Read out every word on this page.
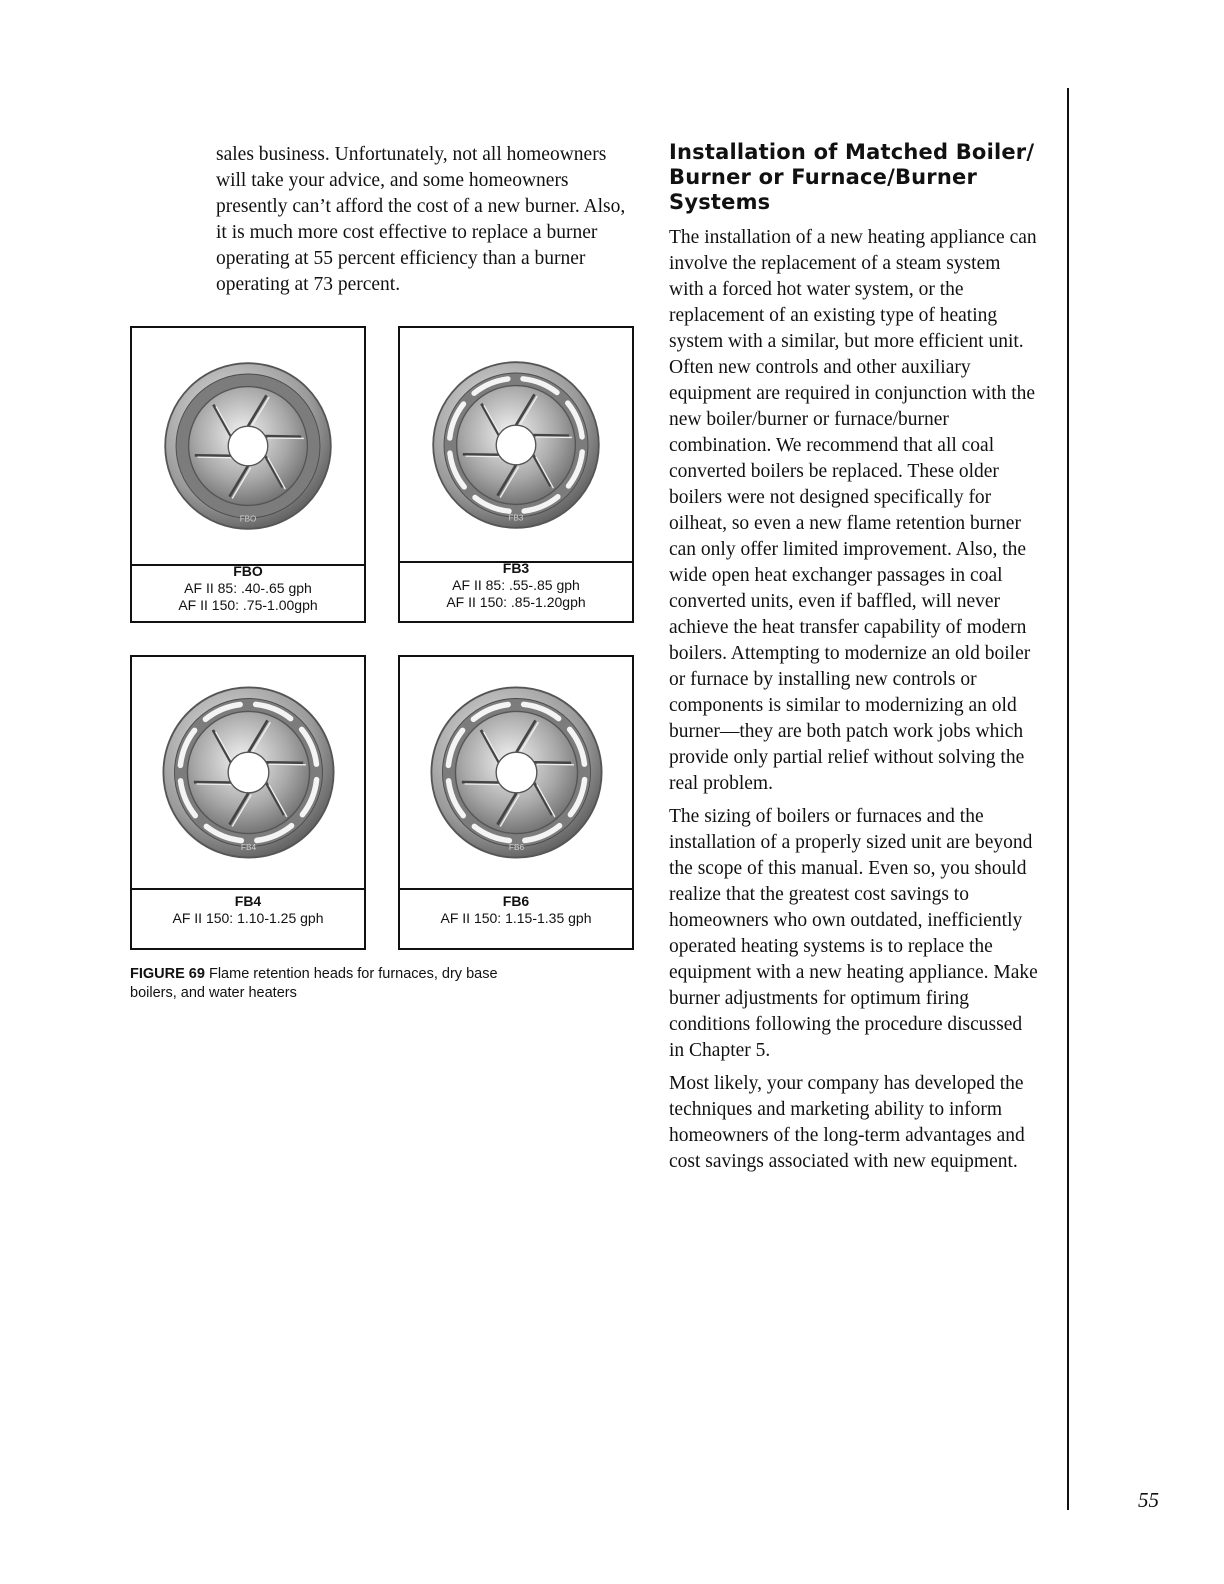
sales business. Unfortunately, not all homeowners will take your advice, and some homeowners presently can’t afford the cost of a new burner. Also, it is much more cost effective to replace a burner operating at 55 percent efficiency than a burner operating at 73 percent.

FBO
FBO
AF II 85: .40-.65 gph
AF II 150: .75-1.00gph
FB3
FB3
AF II 85: .55-.85 gph
AF II 150: .85-1.20gph
FB4
FB4
AF II 150: 1.10-1.25 gph
FB6
FB6
AF II 150: 1.15-1.35 gph
FIGURE 69 Flame retention heads for furnaces, dry base boilers, and water heaters
Installation of Matched Boiler/ Burner or Furnace/Burner Systems

The installation of a new heating appliance can involve the replacement of a steam system with a forced hot water system, or the replacement of an existing type of heating system with a similar, but more efficient unit. Often new controls and other auxiliary equipment are required in conjunction with the new boiler/burner or furnace/burner combination. We recommend that all coal converted boilers be replaced. These older boilers were not designed specifically for oilheat, so even a new flame retention burner can only offer limited improvement. Also, the wide open heat exchanger passages in coal converted units, even if baffled, will never achieve the heat transfer capability of modern boilers. Attempting to modernize an old boiler or furnace by installing new controls or components is similar to modernizing an old burner—they are both patch work jobs which provide only partial relief without solving the real problem.

The sizing of boilers or furnaces and the installation of a properly sized unit are beyond the scope of this manual. Even so, you should realize that the greatest cost savings to homeowners who own outdated, inefficiently operated heating systems is to replace the equipment with a new heating appliance. Make burner adjustments for optimum firing conditions following the procedure discussed in Chapter 5.

Most likely, your company has developed the techniques and marketing ability to inform homeowners of the long-term advantages and cost savings associated with new equipment.

55
